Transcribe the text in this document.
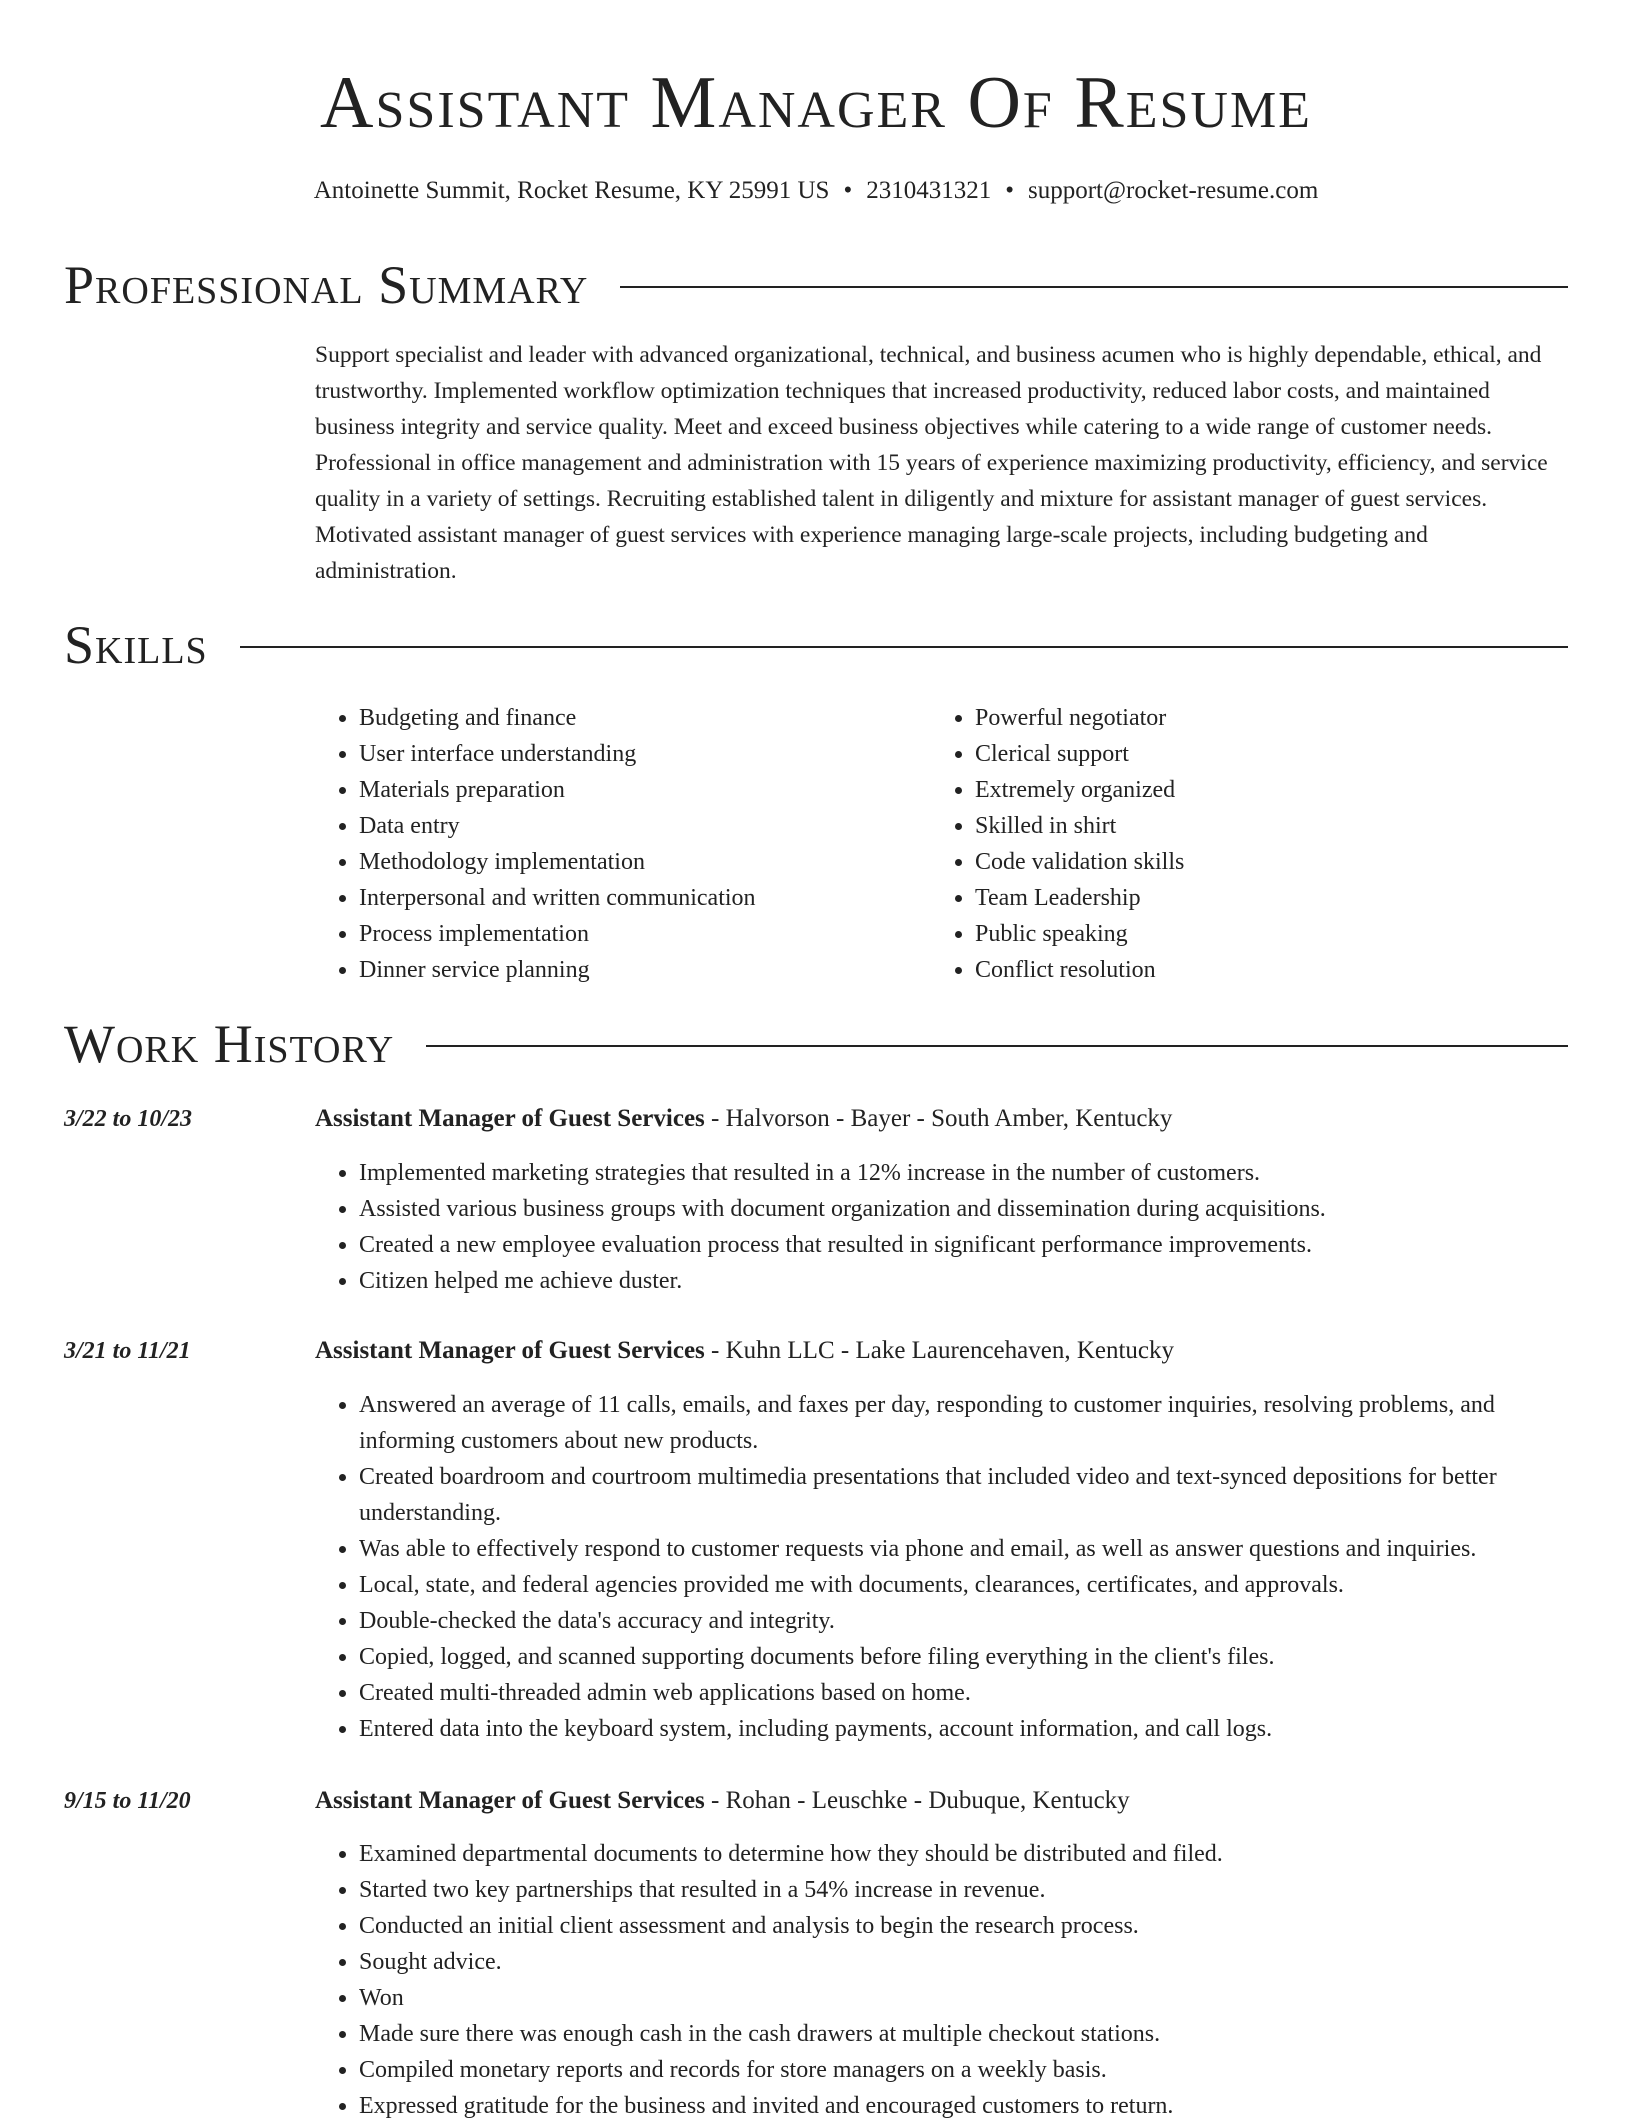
Assistant Manager Of Resume
Antoinette Summit, Rocket Resume, KY 25991 US • 2310431321 • support@rocket-resume.com
Professional Summary

Support specialist and leader with advanced organizational, technical, and business acumen who is highly dependable, ethical, and trustworthy. Implemented workflow optimization techniques that increased productivity, reduced labor costs, and maintained business integrity and service quality. Meet and exceed business objectives while catering to a wide range of customer needs. Professional in office management and administration with 15 years of experience maximizing productivity, efficiency, and service quality in a variety of settings. Recruiting established talent in diligently and mixture for assistant manager of guest services. Motivated assistant manager of guest services with experience managing large-scale projects, including budgeting and administration.

Skills
• Budgeting and finance
• User interface understanding
• Materials preparation
• Data entry
• Methodology implementation
• Interpersonal and written communication
• Process implementation
• Dinner service planning
• Powerful negotiator
• Clerical support
• Extremely organized
• Skilled in shirt
• Code validation skills
• Team Leadership
• Public speaking
• Conflict resolution
Work History
3/22 to 10/23	Assistant Manager of Guest Services - Halvorson - Bayer - South Amber, Kentucky
• Implemented marketing strategies that resulted in a 12% increase in the number of customers.
• Assisted various business groups with document organization and dissemination during acquisitions.
• Created a new employee evaluation process that resulted in significant performance improvements.
• Citizen helped me achieve duster.
3/21 to 11/21	Assistant Manager of Guest Services - Kuhn LLC - Lake Laurencehaven, Kentucky
• Answered an average of 11 calls, emails, and faxes per day, responding to customer inquiries, resolving problems, and informing customers about new products.
• Created boardroom and courtroom multimedia presentations that included video and text-synced depositions for better understanding.
• Was able to effectively respond to customer requests via phone and email, as well as answer questions and inquiries.
• Local, state, and federal agencies provided me with documents, clearances, certificates, and approvals.
• Double-checked the data's accuracy and integrity.
• Copied, logged, and scanned supporting documents before filing everything in the client's files.
• Created multi-threaded admin web applications based on home.
• Entered data into the keyboard system, including payments, account information, and call logs.
9/15 to 11/20	Assistant Manager of Guest Services - Rohan - Leuschke - Dubuque, Kentucky
• Examined departmental documents to determine how they should be distributed and filed.
• Started two key partnerships that resulted in a 54% increase in revenue.
• Conducted an initial client assessment and analysis to begin the research process.
• Sought advice.
• Won
• Made sure there was enough cash in the cash drawers at multiple checkout stations.
• Compiled monetary reports and records for store managers on a weekly basis.
• Expressed gratitude for the business and invited and encouraged customers to return.
